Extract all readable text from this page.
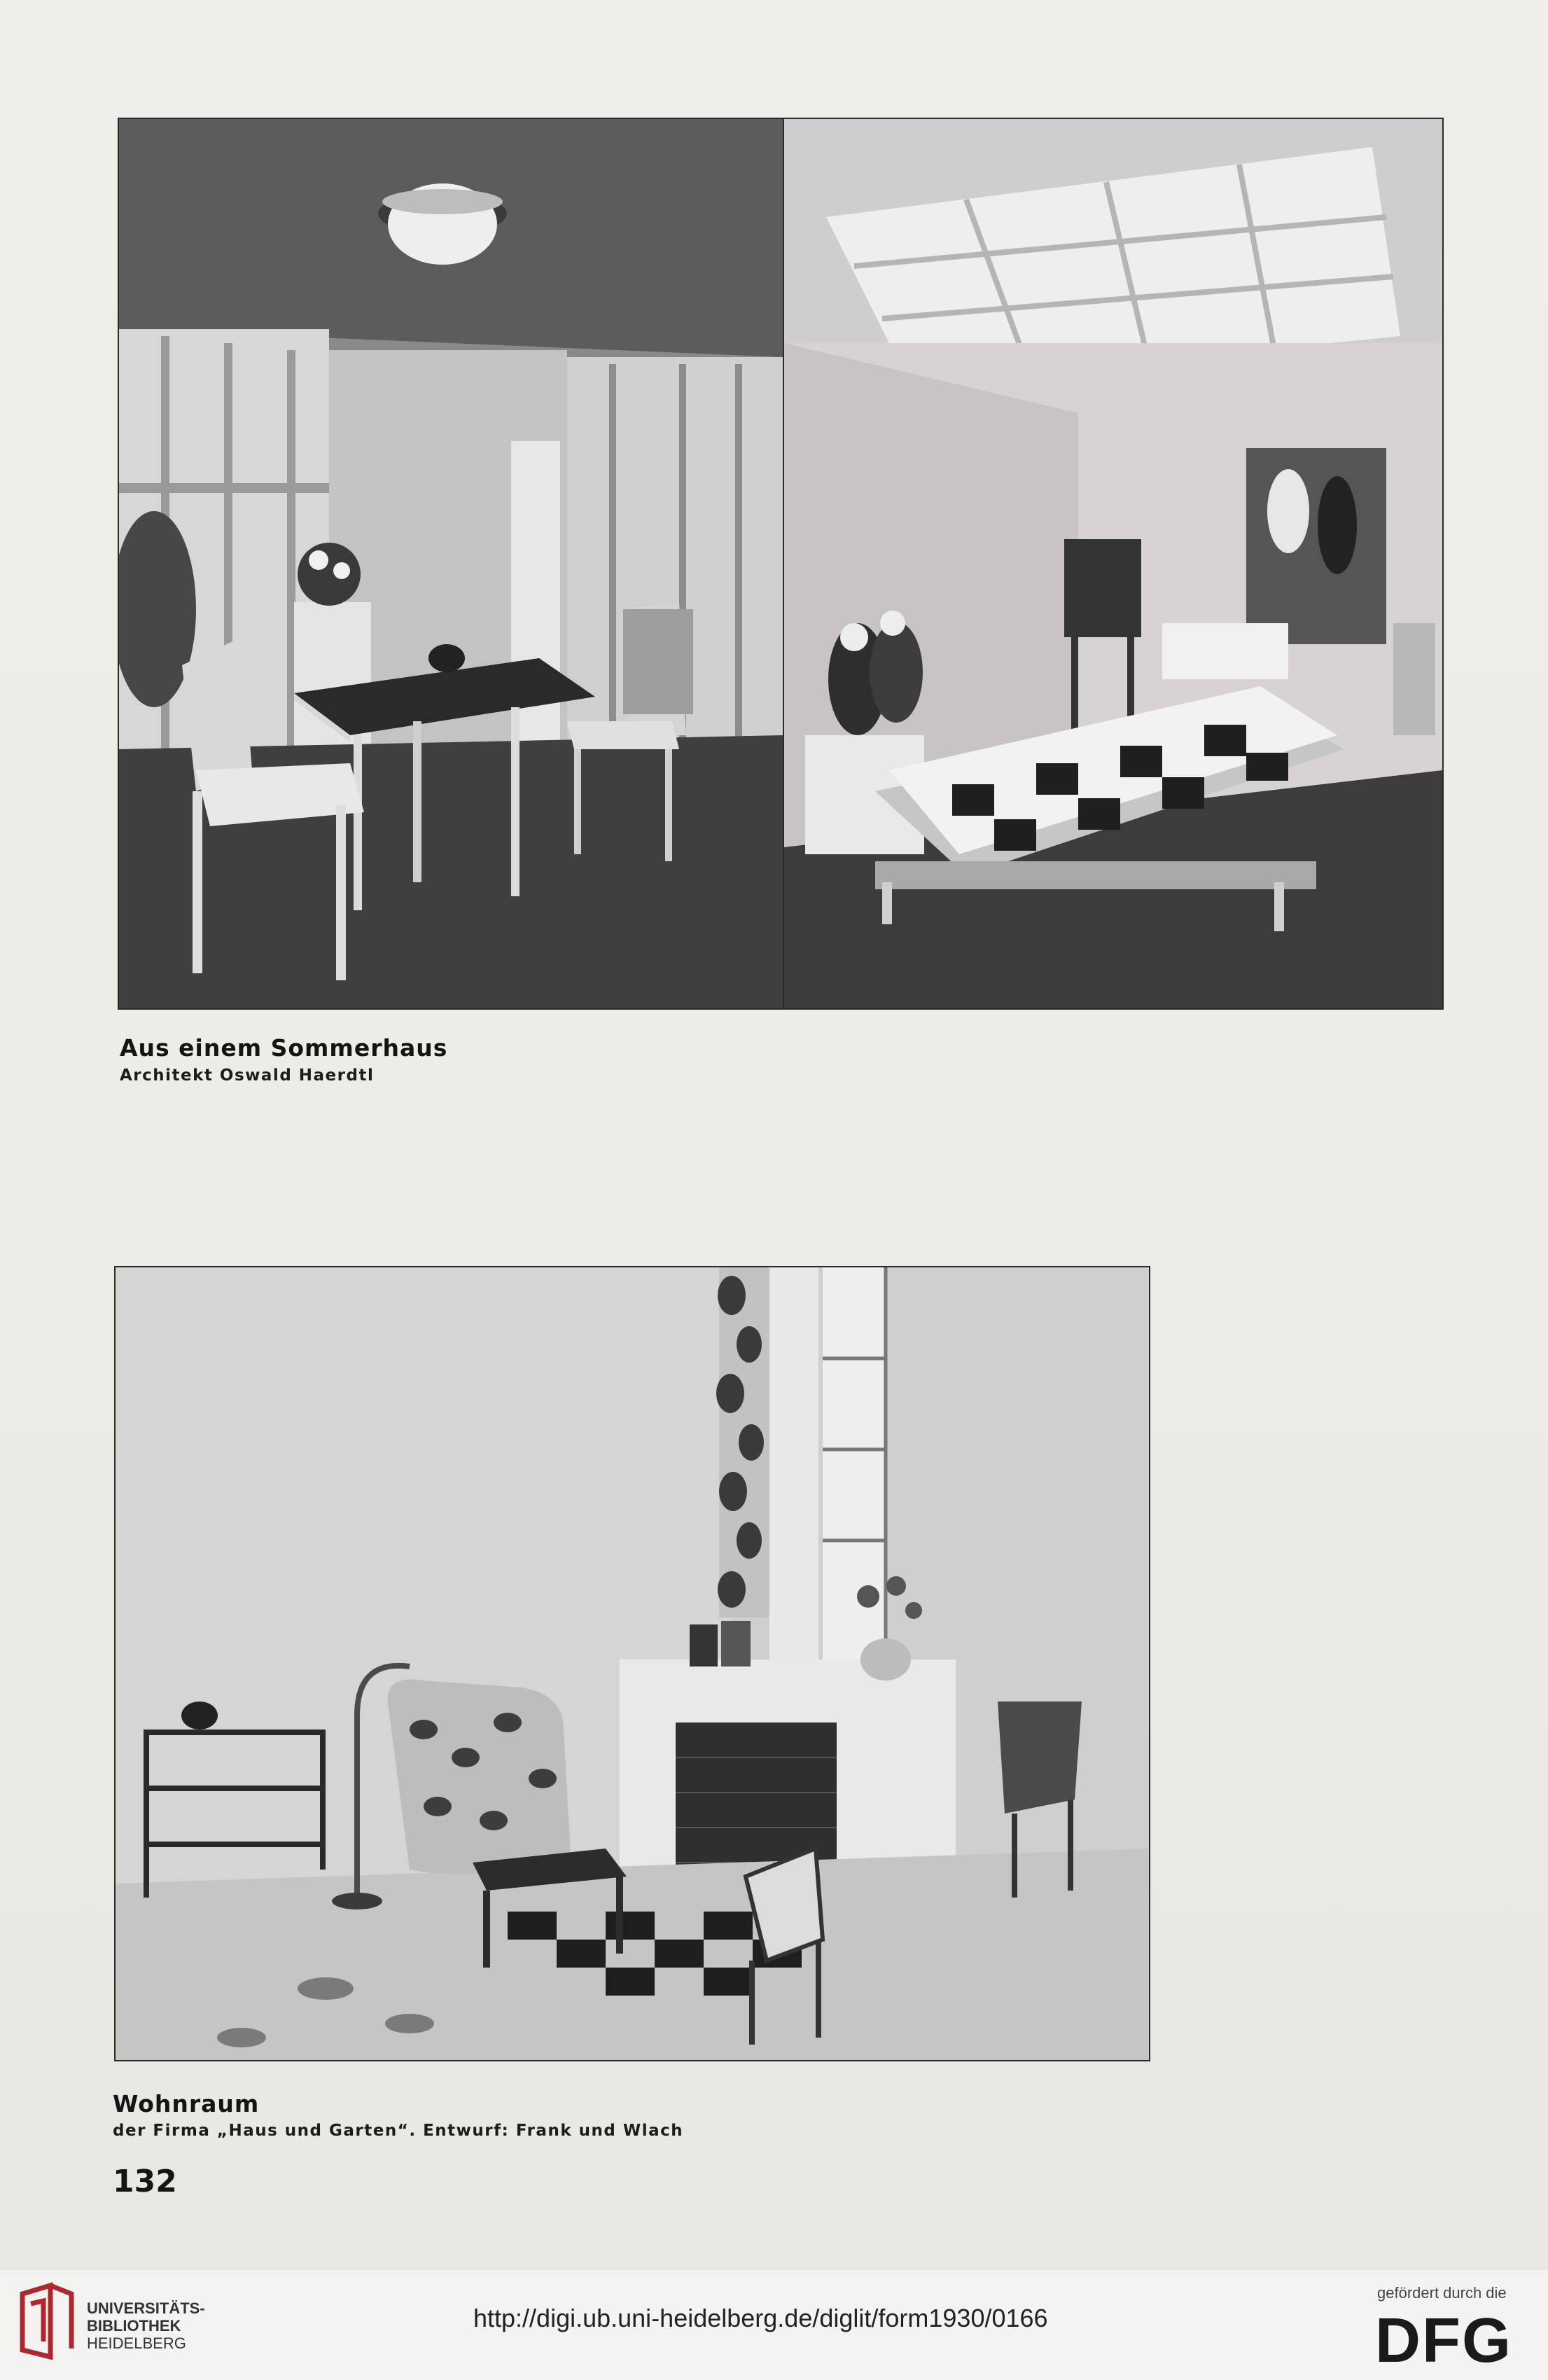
Aus einem Sommerhaus
Architekt Oswald Haerdtl
Wohnraum
der Firma „Haus und Garten“. Entwurf: Frank und Wlach
132
UNIVERSITÄTS-
BIBLIOTHEK
HEIDELBERG
http://digi.ub.uni-heidelberg.de/diglit/form1930/0166
gefördert durch die
DFG
